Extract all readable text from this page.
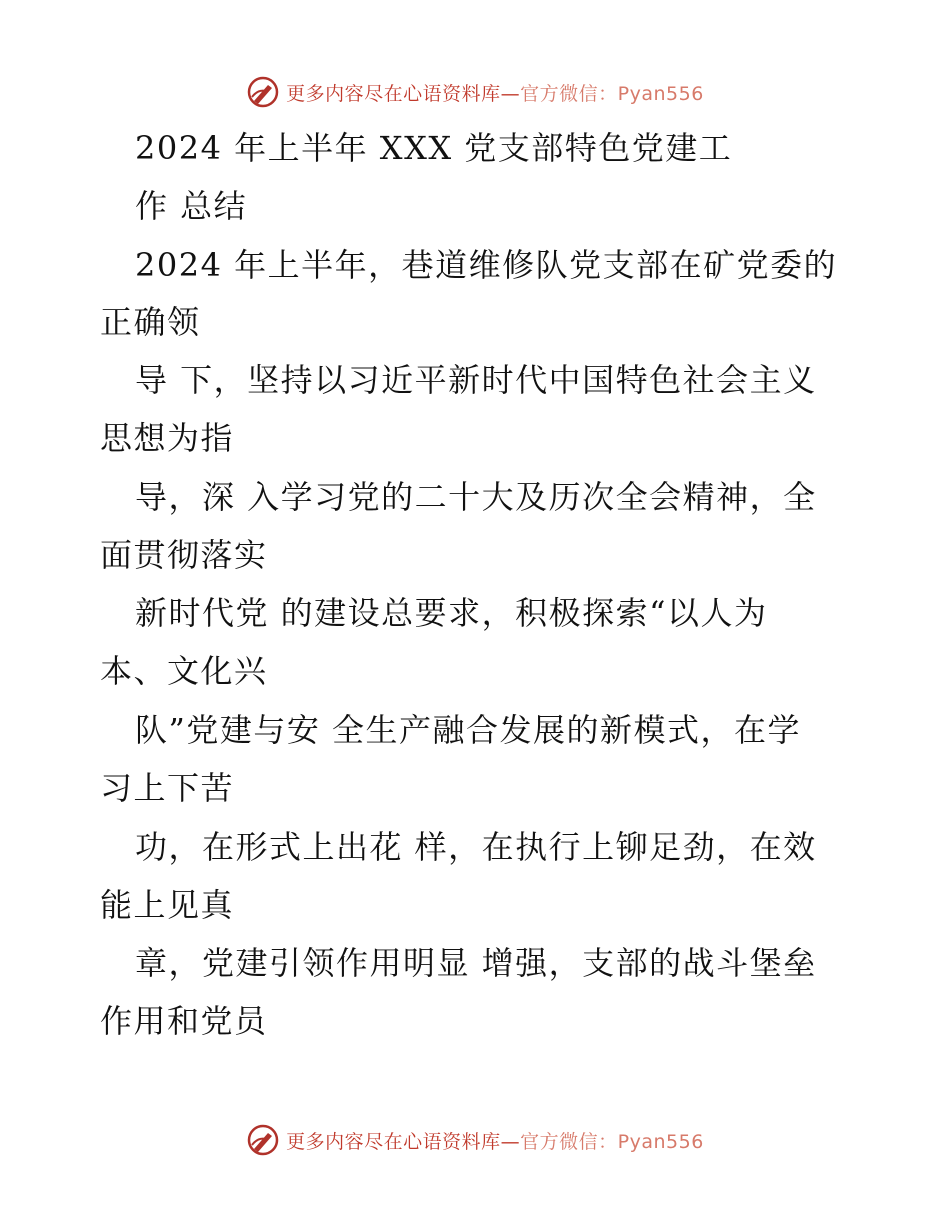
更多内容尽在心语资料库—官方微信：Pyan556
2024 年上半年 XXX 党支部特色党建工
作 总结
2024 年上半年，巷道维修队党支部在矿党委的
正确领
导 下，坚持以习近平新时代中国特色社会主义
思想为指
导，深 入学习党的二十大及历次全会精神，全
面贯彻落实
新时代党 的建设总要求，积极探索“以人为
本、文化兴
队”党建与安 全生产融合发展的新模式，在学
习上下苦
功，在形式上出花 样，在执行上铆足劲，在效
能上见真
章，党建引领作用明显 增强，支部的战斗堡垒
作用和党员
更多内容尽在心语资料库—官方微信：Pyan556
